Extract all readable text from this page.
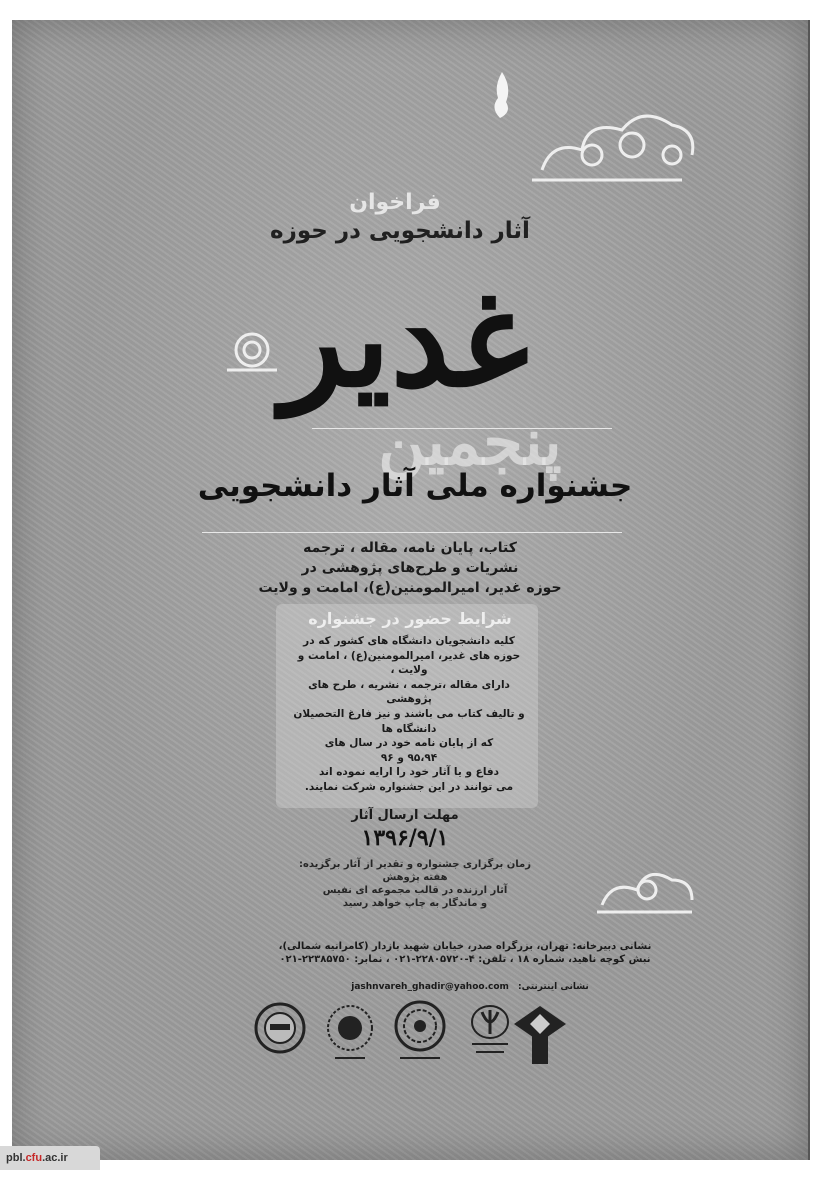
فراخوان
آثار دانشجویی در حوزه
غدیر
پنجمین
جشنواره ملی آثار دانشجویی
کتاب، پایان نامه، مقاله ، ترجمه
نشریات و طرح‌های پژوهشی در
حوزه غدیر، امیرالمومنین(ع)، امامت و ولایت
شرایط حضور در جشنواره
کلیه دانشجویان دانشگاه های کشور که در
حوزه های غدیر، امیرالمومنین(ع) ، امامت و ولایت ،
دارای مقاله ،ترجمه ، نشریه ، طرح های پژوهشی
و تالیف کتاب می باشند و نیز فارغ التحصیلان دانشگاه ها
که از پایان نامه خود در سال های
۹۵،۹۴ و ۹۶
دفاع و یا آثار خود را ارایه نموده اند
می توانند در این جشنواره شرکت نمایند.
مهلت ارسال آثار
۱۳۹۶/۹/۱
زمان برگزاری جشنواره و تقدیر از آثار برگزیده:
هفته پژوهش
آثار ارزنده در قالب مجموعه ای نفیس
و ماندگار به چاپ خواهد رسید
نشانی دبیرخانه: تهران، بزرگراه صدر، خیابان شهید بازدار (کامرانیه شمالی)،
نبش کوچه ناهید، شماره ۱۸ ، تلفن: ۴-۲۲۸۰۵۷۲۰-۰۲۱ ، نمابر: ۲۲۳۸۵۷۵۰-۰۲۱
نشانی اینترنتی: jashnvareh_ghadir@yahoo.com
pbl.cfu.ac.ir
